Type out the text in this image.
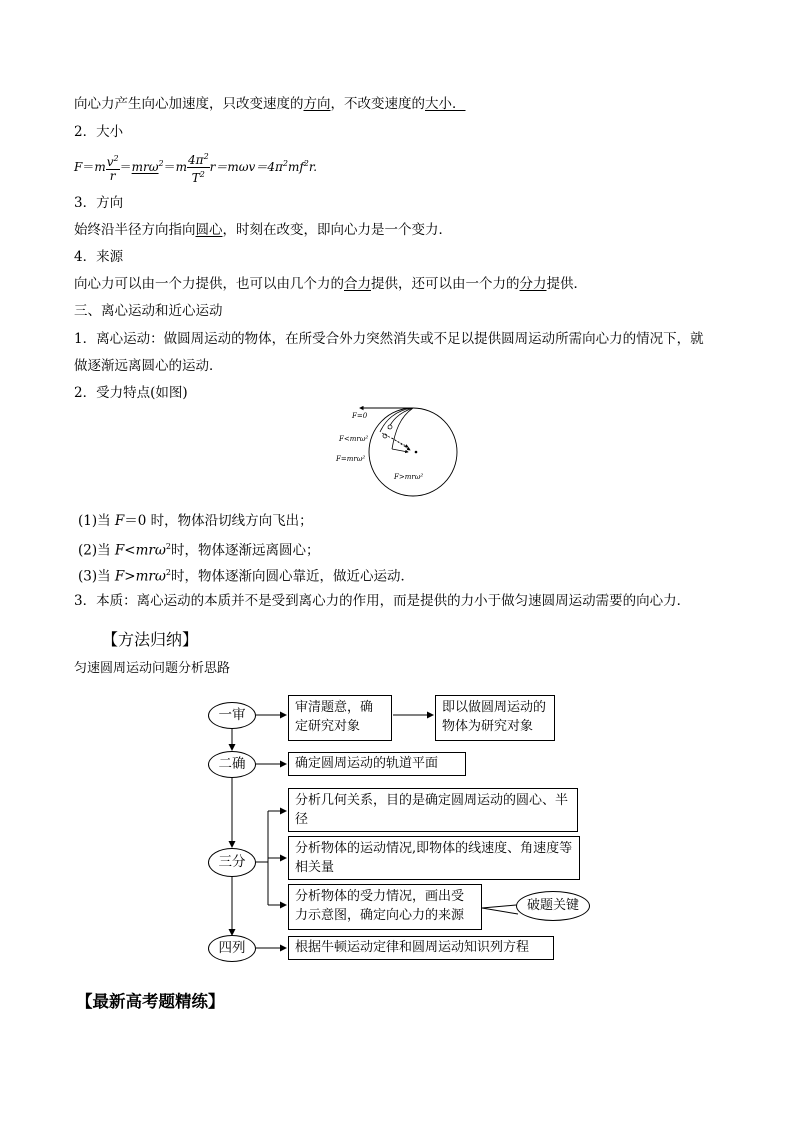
向心力产生向心加速度，只改变速度的方向，不改变速度的大小．
2．大小
$F=m \frac{v^2}{r} =mr\omega^2=m \frac{4\pi^2}{T^2} r=m\omega v=4\pi^2mf^2r$.
3．方向
始终沿半径方向指向圆心，时刻在改变，即向心力是一个变力．
4．来源
向心力可以由一个力提供，也可以由几个力的合力提供，还可以由一个力的分力提供．
三、离心运动和近心运动
1．离心运动：做圆周运动的物体，在所受合外力突然消失或不足以提供圆周运动所需向心力的情况下，就
做逐渐远离圆心的运动．
2．受力特点(如图)
F=0
F<mrω²
F=mrω²
F>mrω²
(1)当 F＝0 时，物体沿切线方向飞出；
(2)当 F<mrω$^2$时，物体逐渐远离圆心；
(3)当 F>mrω$^2$时，物体逐渐向圆心靠近，做近心运动．
3．本质：离心运动的本质并不是受到离心力的作用，而是提供的力小于做匀速圆周运动需要的向心力．
【方法归纳】
匀速圆周运动问题分析思路
一审
二确
三分
四列
审清题意，确定研究对象
即以做圆周运动的物体为研究对象
确定圆周运动的轨道平面
分析几何关系，目的是确定圆周运动的圆心、半径
分析物体的运动情况,即物体的线速度、角速度等相关量
分析物体的受力情况，画出受力示意图，确定向心力的来源
根据牛顿运动定律和圆周运动知识列方程
破题关键
【最新高考题精练】
